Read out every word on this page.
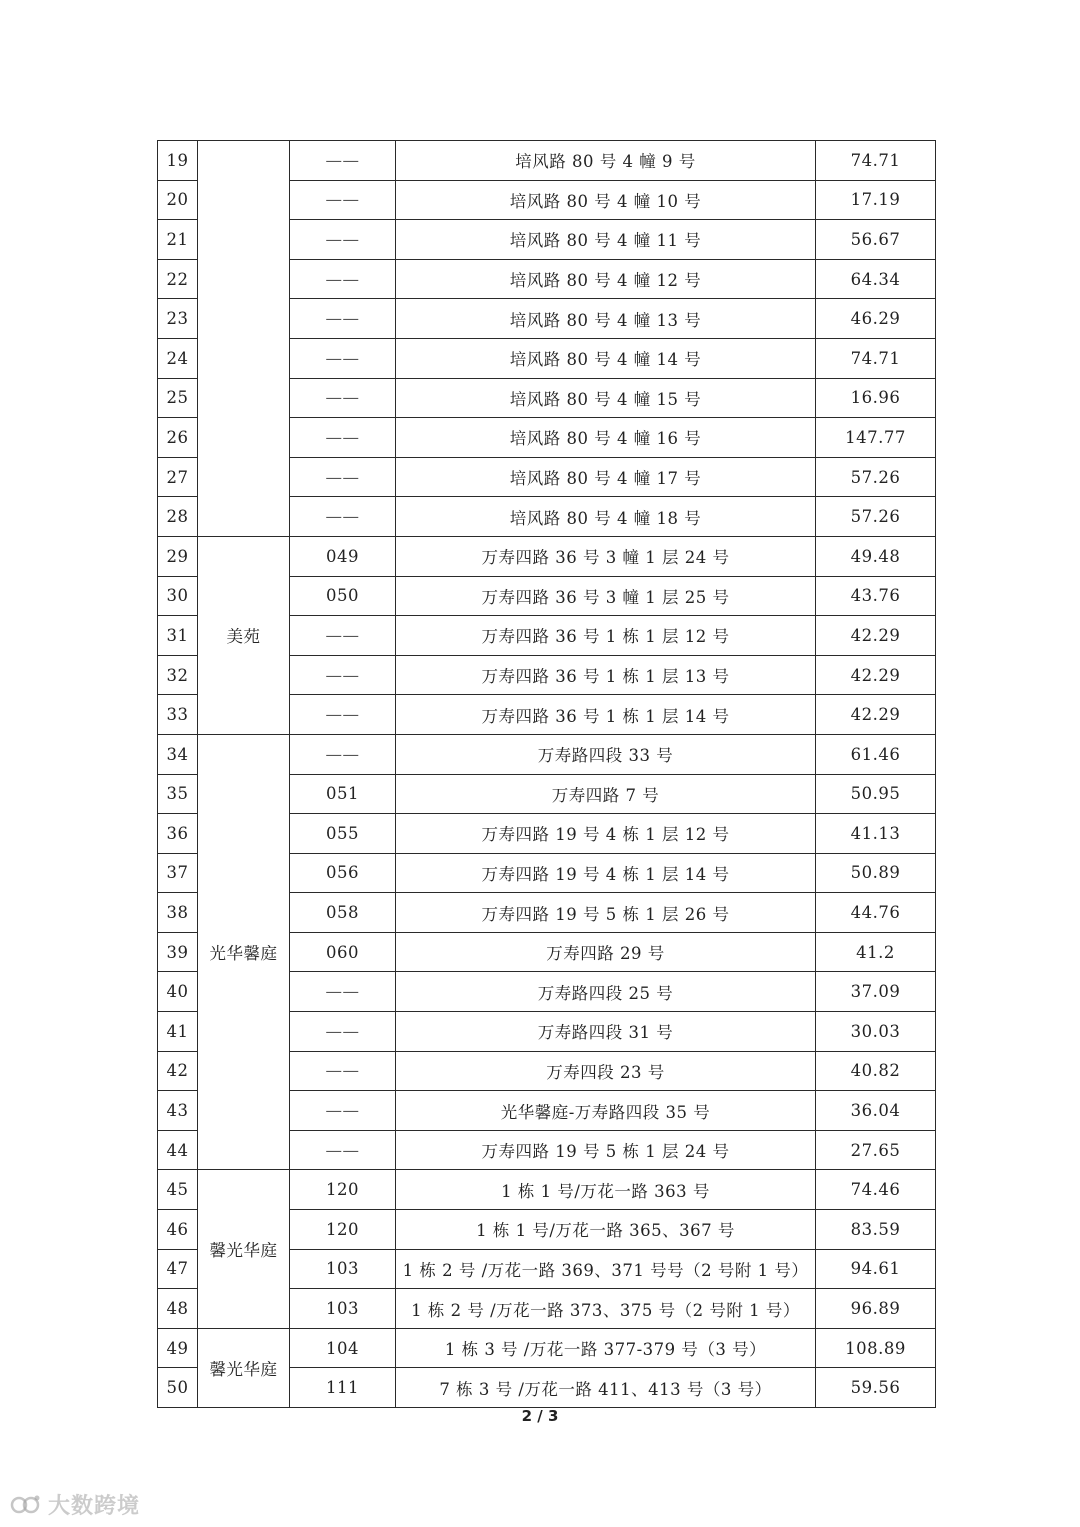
19		——	培风路 80 号 4 幢 9 号	74.71
20		——	培风路 80 号 4 幢 10 号	17.19
21		——	培风路 80 号 4 幢 11 号	56.67
22		——	培风路 80 号 4 幢 12 号	64.34
23		——	培风路 80 号 4 幢 13 号	46.29
24		——	培风路 80 号 4 幢 14 号	74.71
25		——	培风路 80 号 4 幢 15 号	16.96
26		——	培风路 80 号 4 幢 16 号	147.77
27		——	培风路 80 号 4 幢 17 号	57.26
28		——	培风路 80 号 4 幢 18 号	57.26
29	美苑	049	万寿四路 36 号 3 幢 1 层 24 号	49.48
30		050	万寿四路 36 号 3 幢 1 层 25 号	43.76
31		——	万寿四路 36 号 1 栋 1 层 12 号	42.29
32		——	万寿四路 36 号 1 栋 1 层 13 号	42.29
33		——	万寿四路 36 号 1 栋 1 层 14 号	42.29
34	光华馨庭	——	万寿路四段 33 号	61.46
35		051	万寿四路 7 号	50.95
36		055	万寿四路 19 号 4 栋 1 层 12 号	41.13
37		056	万寿四路 19 号 4 栋 1 层 14 号	50.89
38		058	万寿四路 19 号 5 栋 1 层 26 号	44.76
39		060	万寿四路 29 号	41.2
40		——	万寿路四段 25 号	37.09
41		——	万寿路四段 31 号	30.03
42		——	万寿四段 23 号	40.82
43		——	光华馨庭-万寿路四段 35 号	36.04
44		——	万寿四路 19 号 5 栋 1 层 24 号	27.65
45	馨光华庭	120	1 栋 1 号/万花一路 363 号	74.46
46		120	1 栋 1 号/万花一路 365、367 号	83.59
47		103	1 栋 2 号 /万花一路 369、371 号号（2 号附 1 号）	94.61
48		103	1 栋 2 号 /万花一路 373、375 号（2 号附 1 号）	96.89
49	馨光华庭	104	1 栋 3 号 /万花一路 377-379 号（3 号）	108.89
50		111	7 栋 3 号 /万花一路 411、413 号（3 号）	59.56
2 / 3
大数跨境
